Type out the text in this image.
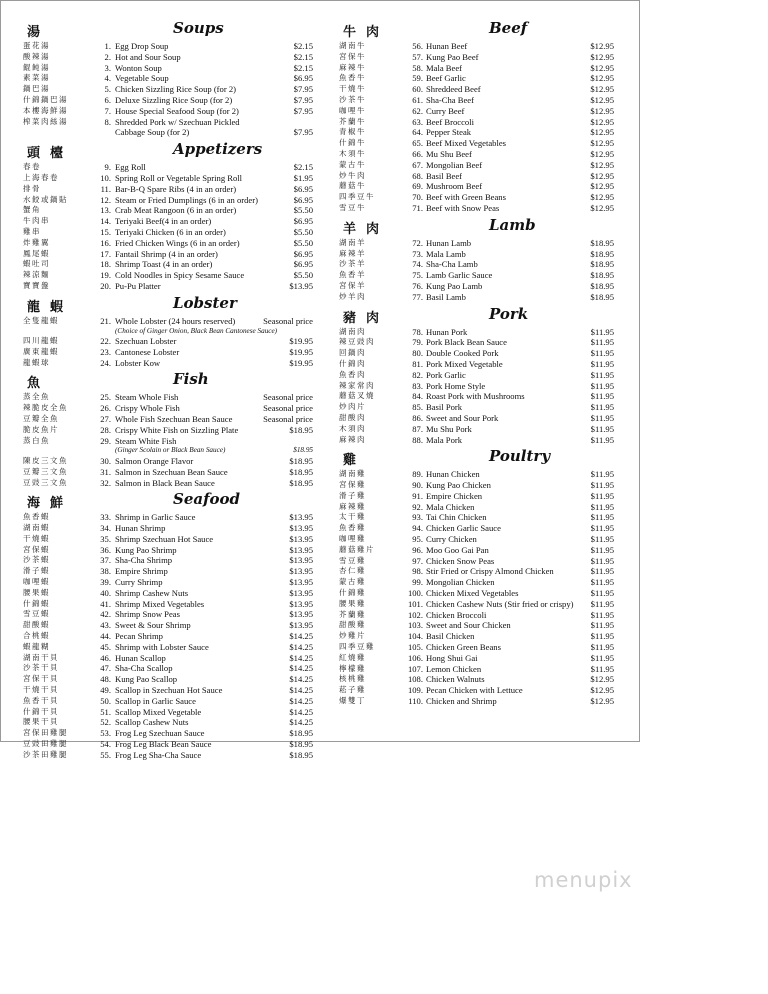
湯	Soups
蛋花湯	1. Egg Drop Soup	$2.15
酸辣湯	2. Hot and Sour Soup	$2.15
餛飩湯	3. Wonton Soup	$2.15
素菜湯	4. Vegetable Soup	$6.95
鍋巴湯	5. Chicken Sizzling Rice Soup (for 2)	$7.95
什錦鍋巴湯	6. Deluxe Sizzling Rice Soup (for 2)	$7.95
本樓海鮮湯	7. House Special Seafood Soup (for 2)	$7.95
榨菜肉絲湯	8. Shredded Pork w/ Szechuan Pickled
Cabbage Soup (for 2)	$7.95
頭檯	Appetizers
春卷	9. Egg Roll	$2.15
上海春卷	10. Spring Roll or Vegetable Spring Roll	$1.95
排骨	11. Bar-B-Q Spare Ribs (4 in an order)	$6.95
水餃或鍋貼	12. Steam or Fried Dumplings (6 in an order)	$6.95
蟹角	13. Crab Meat Rangoon (6 in an order)	$5.50
牛肉串	14. Teriyaki Beef(4 in an order)	$6.95
雞串	15. Teriyaki Chicken (6 in an order)	$5.50
炸雞翼	16. Fried Chicken Wings (6 in an order)	$5.50
鳳尾蝦	17. Fantail Shrimp (4 in an order)	$6.95
蝦吐司	18. Shrimp Toast (4 in an order)	$6.95
辣涼麵	19. Cold Noodles in Spicy Sesame Sauce	$5.50
寶寶盤	20. Pu-Pu Platter	$13.95
龍蝦	Lobster
全隻龍蝦	21. Whole Lobster (24 hours reserved)	Seasonal price
(Choice of Ginger Onion, Black Bean Cantonese Sauce)
四川龍蝦	22. Szechuan Lobster	$19.95
廣東龍蝦	23. Cantonese Lobster	$19.95
龍蝦球	24. Lobster Kow	$19.95
魚	Fish
蒸全魚	25. Steam Whole Fish	Seasonal price
辣脆皮全魚	26. Crispy Whole Fish	Seasonal price
豆瓣全魚	27. Whole Fish Szechuan Bean Sauce	Seasonal price
脆皮魚片	28. Crispy White Fish on Sizzling Plate	$18.95
蒸白魚	29. Steam White Fish
(Ginger Scolain or Black Bean Sauce)	$18.95
陳皮三文魚	30. Salmon Orange Flavor	$18.95
豆瓣三文魚	31. Salmon in Szechuan Bean Sauce	$18.95
豆豉三文魚	32. Salmon in Black Bean Sauce	$18.95
海鮮	Seafood
魚香蝦	33. Shrimp in Garlic Sauce	$13.95
湖南蝦	34. Hunan Shrimp	$13.95
干燒蝦	35. Shrimp Szechuan Hot Sauce	$13.95
宮保蝦	36. Kung Pao Shrimp	$13.95
沙茶蝦	37. Sha-Cha Shrimp	$13.95
滑子蝦	38. Empire Shrimp	$13.95
咖哩蝦	39. Curry Shrimp	$13.95
腰果蝦	40. Shrimp Cashew Nuts	$13.95
什錦蝦	41. Shrimp Mixed Vegetables	$13.95
雪豆蝦	42. Shrimp Snow Peas	$13.95
甜酸蝦	43. Sweet & Sour Shrimp	$13.95
合桃蝦	44. Pecan Shrimp	$14.25
蝦龍糊	45. Shrimp with Lobster Sauce	$14.25
湖南干貝	46. Hunan Scallop	$14.25
沙茶干貝	47. Sha-Cha Scallop	$14.25
宮保干貝	48. Kung Pao Scallop	$14.25
干燒干貝	49. Scallop in Szechuan Hot Sauce	$14.25
魚香干貝	50. Scallop in Garlic Sauce	$14.25
什錦干貝	51. Scallop Mixed Vegetable	$14.25
腰果干貝	52. Scallop Cashew Nuts	$14.25
宮保田雞腿	53. Frog Leg Szechuan Sauce	$18.95
豆豉田雞腿	54. Frog Leg Black Bean Sauce	$18.95
沙茶田雞腿	55. Frog Leg Sha-Cha Sauce	$18.95
牛肉	Beef
湖南牛	56. Hunan Beef	$12.95
宮保牛	57. Kung Pao Beef	$12.95
麻辣牛	58. Mala Beef	$12.95
魚香牛	59. Beef Garlic	$12.95
干燒牛	60. Shreddeed Beef	$12.95
沙茶牛	61. Sha-Cha Beef	$12.95
咖哩牛	62. Curry Beef	$12.95
芥蘭牛	63. Beef Broccoli	$12.95
青椒牛	64. Pepper Steak	$12.95
什錦牛	65. Beef Mixed Vegetables	$12.95
木須牛	66. Mu Shu Beef	$12.95
蒙古牛	67. Mongolian Beef	$12.95
炒牛肉	68. Basil Beef	$12.95
蘑菇牛	69. Mushroom Beef	$12.95
四季豆牛	70. Beef with Green Beans	$12.95
雪豆牛	71. Beef with Snow Peas	$12.95
羊肉	Lamb
湖南羊	72. Hunan Lamb	$18.95
麻辣羊	73. Mala Lamb	$18.95
沙茶羊	74. Sha-Cha Lamb	$18.95
魚香羊	75. Lamb Garlic Sauce	$18.95
宮保羊	76. Kung Pao Lamb	$18.95
炒羊肉	77. Basil Lamb	$18.95
豬肉	Pork
湖南肉	78. Hunan Pork	$11.95
辣豆豉肉	79. Pork Black Bean Sauce	$11.95
回鍋肉	80. Double Cooked Pork	$11.95
什錦肉	81. Pork Mixed Vegetable	$11.95
魚香肉	82. Pork Garlic	$11.95
辣家常肉	83. Pork Home Style	$11.95
蘑菇叉燒	84. Roast Pork with Mushrooms	$11.95
炒肉片	85. Basil Pork	$11.95
甜酸肉	86. Sweet and Sour Pork	$11.95
木須肉	87. Mu Shu Pork	$11.95
麻辣肉	88. Mala Pork	$11.95
雞	Poultry
湖南雞	89. Hunan Chicken	$11.95
宮保雞	90. Kung Pao Chicken	$11.95
滑子雞	91. Empire Chicken	$11.95
麻辣雞	92. Mala Chicken	$11.95
太干雞	93. Tai Chin Chicken	$11.95
魚香雞	94. Chicken Garlic Sauce	$11.95
咖哩雞	95. Curry Chicken	$11.95
蘑菇雞片	96. Moo Goo Gai Pan	$11.95
雪豆雞	97. Chicken Snow Peas	$11.95
杏仁雞	98. Stir Fried or Crispy Almond Chicken	$11.95
蒙古雞	99. Mongolian Chicken	$11.95
什錦雞	100. Chicken Mixed Vegetables	$11.95
腰果雞	101. Chicken Cashew Nuts (Stir fried or crispy)	$11.95
芥蘭雞	102. Chicken Broccoli	$11.95
甜酸雞	103. Sweet and Sour Chicken	$11.95
炒雞片	104. Basil Chicken	$11.95
四季豆雞	105. Chicken Green Beans	$11.95
紅燒雞	106. Hong Shui Gai	$11.95
檸檬雞	107. Lemon Chicken	$11.95
核桃雞	108. Chicken Walnuts	$12.95
菘子雞	109. Pecan Chicken with Lettuce	$12.95
爆雙丁	110. Chicken and Shrimp	$12.95
menupix
